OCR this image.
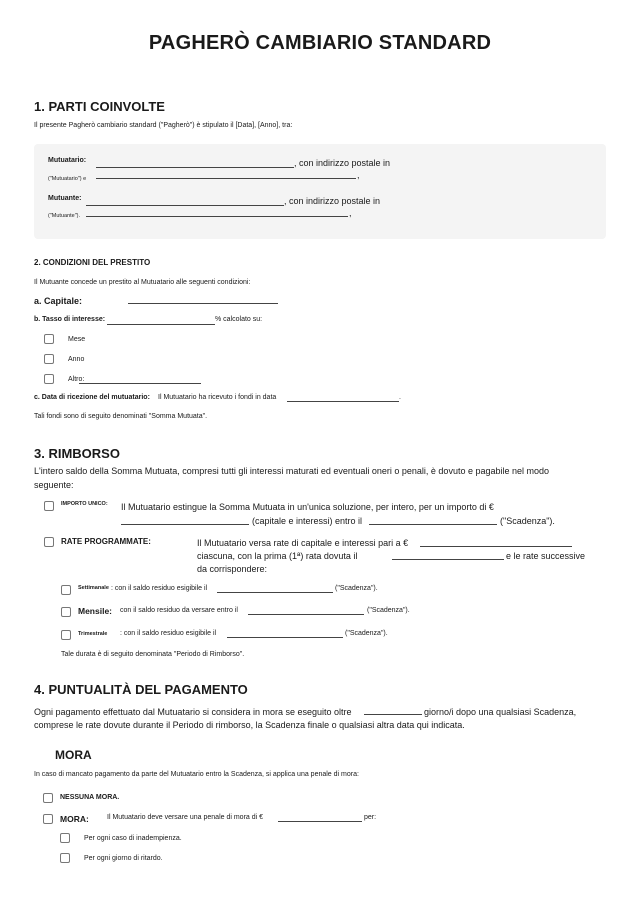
PAGHERÒ CAMBIARIO STANDARD
1. PARTI COINVOLTE
Il presente Pagherò cambiario standard ("Pagherò") è stipulato il [Data], [Anno], tra:
Mutuatario:	, con indirizzo postale in
("Mutuatario") e	,
Mutuante:	, con indirizzo postale in
("Mutuante").	,
2. CONDIZIONI DEL PRESTITO
Il Mutuante concede un prestito al Mutuatario alle seguenti condizioni:
a. Capitale:
b. Tasso di interesse:	% calcolato su:
Mese
Anno
Altro:
c. Data di ricezione del mutuatario: Il Mutuatario ha ricevuto i fondi in data	.
Tali fondi sono di seguito denominati "Somma Mutuata".
3. RIMBORSO
L'intero saldo della Somma Mutuata, compresi tutti gli interessi maturati ed eventuali oneri o penali, è dovuto e pagabile nel modo seguente:
IMPORTO UNICO: Il Mutuatario estingue la Somma Mutuata in un'unica soluzione, per intero, per un importo di €
(capitale e interessi) entro il	("Scadenza").
RATE PROGRAMMATE:	Il Mutuatario versa rate di capitale e interessi pari a €
ciascuna, con la prima (1ª) rata dovuta il	e le rate successive
da corrispondere:
Settimanale : con il saldo residuo esigibile il	("Scadenza").
Mensile: con il saldo residuo da versare entro il	("Scadenza").
Trimestrale : con il saldo residuo esigibile il	("Scadenza").
Tale durata è di seguito denominata "Periodo di Rimborso".
4. PUNTUALITÀ DEL PAGAMENTO
Ogni pagamento effettuato dal Mutuatario si considera in mora se eseguito oltre	giorno/i dopo una qualsiasi Scadenza,
comprese le rate dovute durante il Periodo di rimborso, la Scadenza finale o qualsiasi altra data qui indicata.
MORA
In caso di mancato pagamento da parte del Mutuatario entro la Scadenza, si applica una penale di mora:
NESSUNA MORA.
MORA:	Il Mutuatario deve versare una penale di mora di €	per:
Per ogni caso di inadempienza.
Per ogni giorno di ritardo.
